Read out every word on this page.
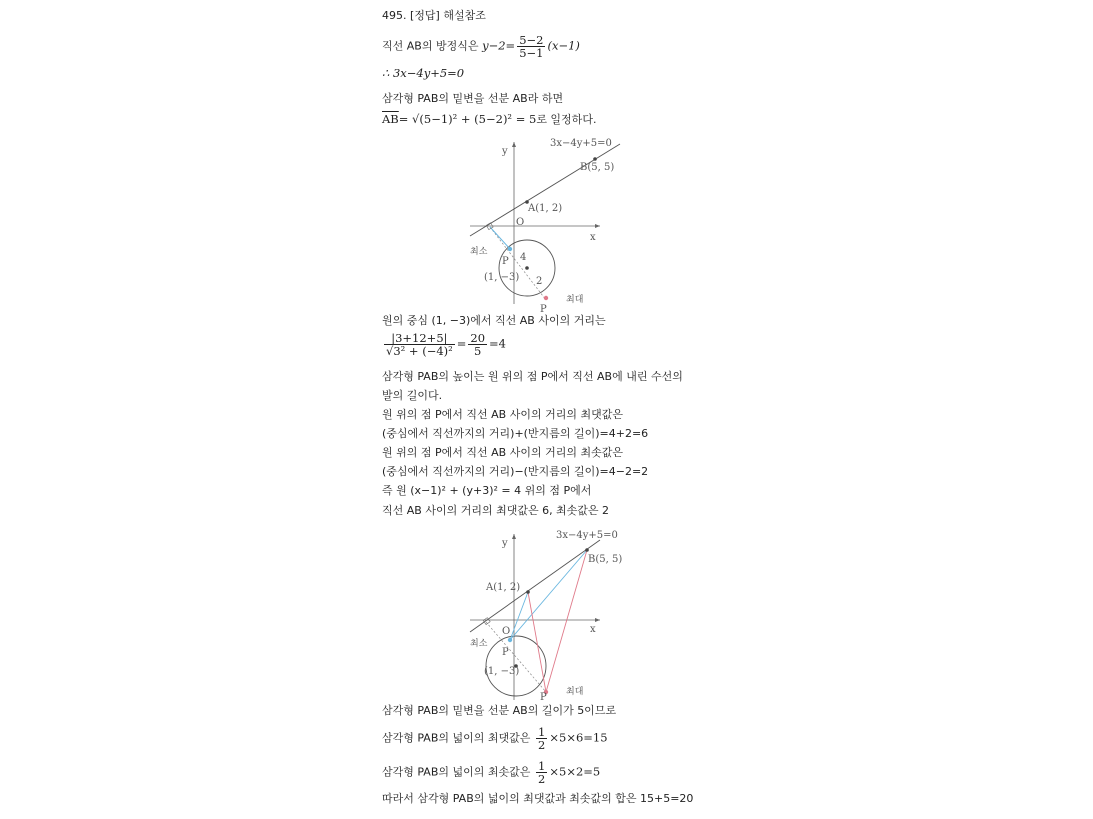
495. [정답] 해설참조
직선 AB의 방정식은 $y-2= \frac{5-2}{5-1} (x-1)$
∴ 3x−4y+5=0
삼각형 PAB의 밑변을 선분 AB라 하면
$\overline{AB}= √(5-1)^2 + (5-2)^2 = 5$로 일정하다.
3x−4y+5=0
B(5, 5)
A(1, 2)
O
x
y
최소
최대
P
P
4
2
(1, −3)
원의 중심 (1, −3)에서 직선 AB 사이의 거리는
$\frac{|3+12+5|}{\text{√3² + (−4)²}} = \frac{20}{5} =4$
삼각형 PAB의 높이는 원 위의 점 P에서 직선 AB에 내린 수선의
발의 길이다.
원 위의 점 P에서 직선 AB 사이의 거리의 최댓값은
(중심에서 직선까지의 거리)+(반지름의 길이)=4+2=6
원 위의 점 P에서 직선 AB 사이의 거리의 최솟값은
(중심에서 직선까지의 거리)−(반지름의 길이)=4−2=2
즉 원 (x−1)² + (y+3)² = 4 위의 점 P에서
직선 AB 사이의 거리의 최댓값은 6, 최솟값은 2
3x−4y+5=0
B(5, 5)
A(1, 2)
O	x
y
최소
최대
P
P
(1, −3)
삼각형 PAB의 밑변을 선분 AB의 길이가 5이므로
삼각형 PAB의 넓이의 최댓값은 $\frac{1}{2} \times 5\times 6=15$
삼각형 PAB의 넓이의 최솟값은 $\frac{1}{2} \times 5\times 2=5$
따라서 삼각형 PAB의 넓이의 최댓값과 최솟값의 합은 15+5=20
